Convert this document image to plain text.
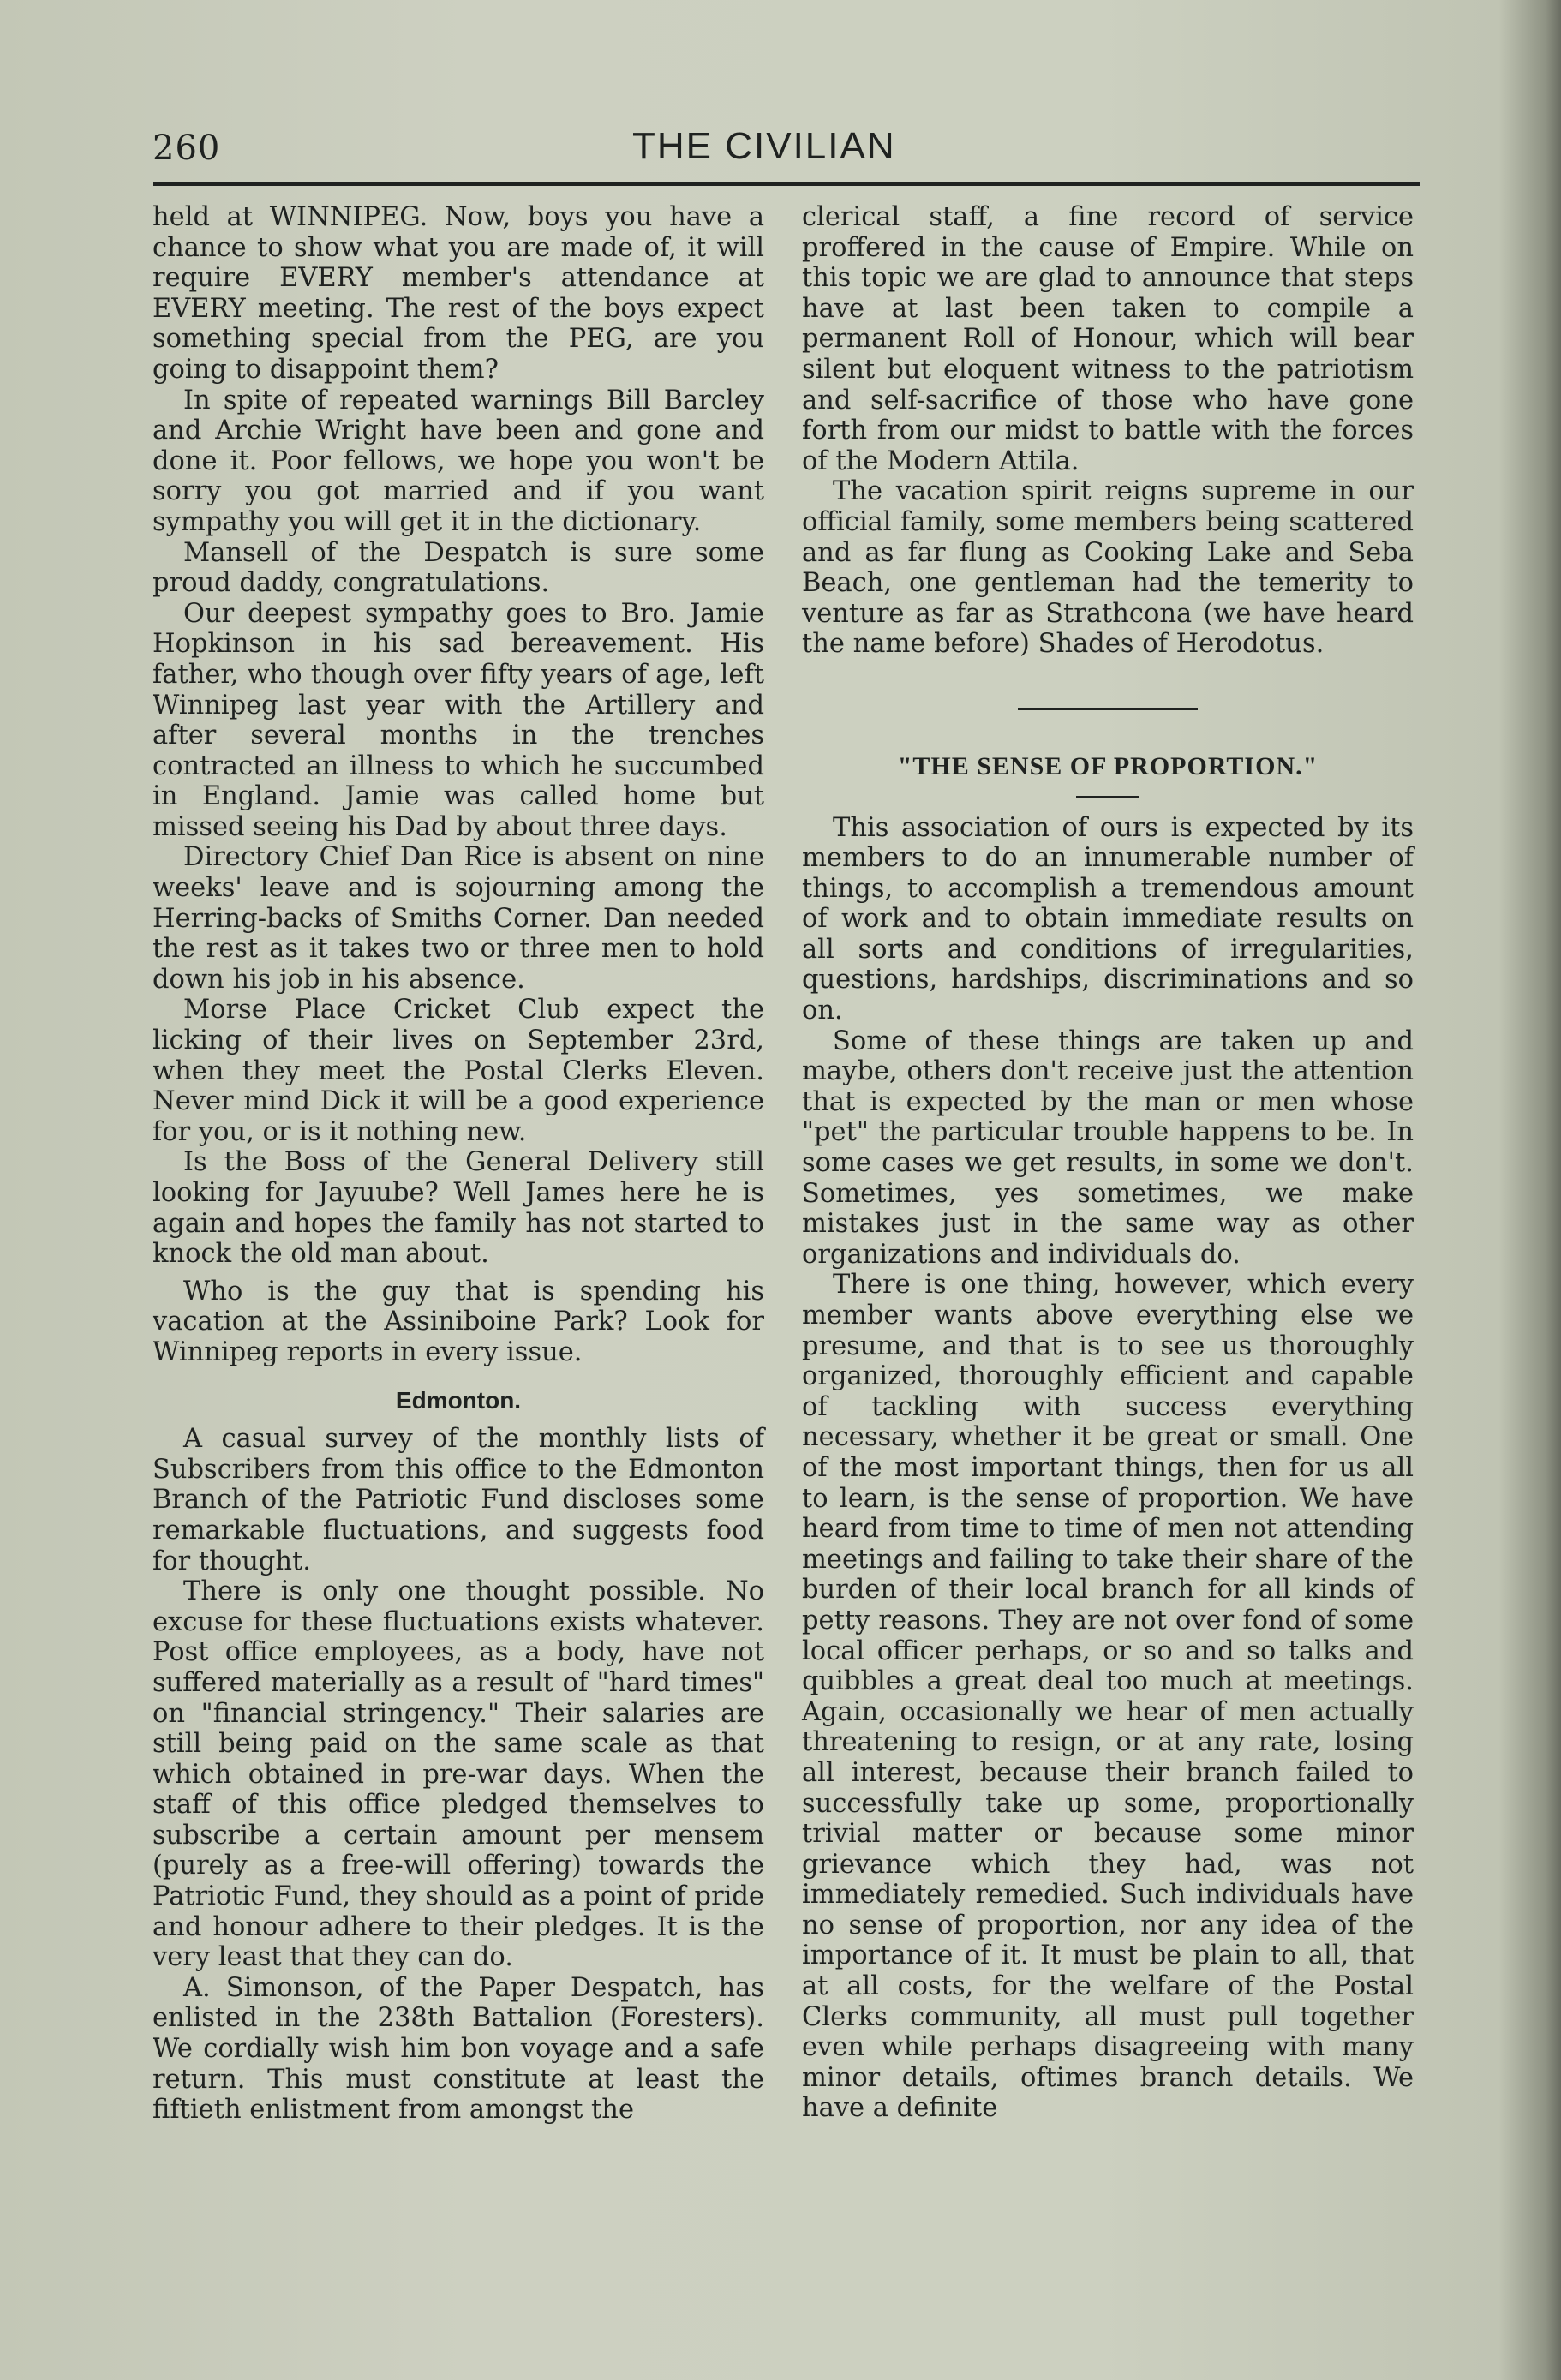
260	THE CIVILIAN

held at WINNIPEG. Now, boys you have a chance to show what you are made of, it will require EVERY member's attendance at EVERY meeting. The rest of the boys expect something special from the PEG, are you going to disappoint them?

In spite of repeated warnings Bill Barcley and Archie Wright have been and gone and done it. Poor fellows, we hope you won't be sorry you got married and if you want sympathy you will get it in the dictionary.

Mansell of the Despatch is sure some proud daddy, congratulations.

Our deepest sympathy goes to Bro. Jamie Hopkinson in his sad bereavement. His father, who though over fifty years of age, left Winnipeg last year with the Artillery and after several months in the trenches contracted an illness to which he succumbed in England. Jamie was called home but missed seeing his Dad by about three days.

Directory Chief Dan Rice is absent on nine weeks' leave and is sojourning among the Herring-backs of Smiths Corner. Dan needed the rest as it takes two or three men to hold down his job in his absence.

Morse Place Cricket Club expect the licking of their lives on September 23rd, when they meet the Postal Clerks Eleven. Never mind Dick it will be a good experience for you, or is it nothing new.

Is the Boss of the General Delivery still looking for Jayuube? Well James here he is again and hopes the family has not started to knock the old man about.

Who is the guy that is spending his vacation at the Assiniboine Park? Look for Winnipeg reports in every issue.

Edmonton.

A casual survey of the monthly lists of Subscribers from this office to the Edmonton Branch of the Patriotic Fund discloses some remarkable fluctuations, and suggests food for thought.

There is only one thought possible. No excuse for these fluctuations exists whatever. Post office employees, as a body, have not suffered materially as a result of "hard times" on "financial stringency." Their salaries are still being paid on the same scale as that which obtained in pre-war days. When the staff of this office pledged themselves to subscribe a certain amount per mensem (purely as a free-will offering) towards the Patriotic Fund, they should as a point of pride and honour adhere to their pledges. It is the very least that they can do.

A. Simonson, of the Paper Despatch, has enlisted in the 238th Battalion (Foresters). We cordially wish him bon voyage and a safe return. This must constitute at least the fiftieth enlistment from amongst the

clerical staff, a fine record of service proffered in the cause of Empire. While on this topic we are glad to announce that steps have at last been taken to compile a permanent Roll of Honour, which will bear silent but eloquent witness to the patriotism and self-sacrifice of those who have gone forth from our midst to battle with the forces of the Modern Attila.

The vacation spirit reigns supreme in our official family, some members being scattered and as far flung as Cooking Lake and Seba Beach, one gentleman had the temerity to venture as far as Strathcona (we have heard the name before) Shades of Herodotus.

"THE SENSE OF PROPORTION."

This association of ours is expected by its members to do an innumerable number of things, to accomplish a tremendous amount of work and to obtain immediate results on all sorts and conditions of irregularities, questions, hardships, discriminations and so on.

Some of these things are taken up and maybe, others don't receive just the attention that is expected by the man or men whose "pet" the particular trouble happens to be. In some cases we get results, in some we don't. Sometimes, yes sometimes, we make mistakes just in the same way as other organizations and individuals do.

There is one thing, however, which every member wants above everything else we presume, and that is to see us thoroughly organized, thoroughly efficient and capable of tackling with success everything necessary, whether it be great or small. One of the most important things, then for us all to learn, is the sense of proportion. We have heard from time to time of men not attending meetings and failing to take their share of the burden of their local branch for all kinds of petty reasons. They are not over fond of some local officer perhaps, or so and so talks and quibbles a great deal too much at meetings. Again, occasionally we hear of men actually threatening to resign, or at any rate, losing all interest, because their branch failed to successfully take up some, proportionally trivial matter or because some minor grievance which they had, was not immediately remedied. Such individuals have no sense of proportion, nor any idea of the importance of it. It must be plain to all, that at all costs, for the welfare of the Postal Clerks community, all must pull together even while perhaps disagreeing with many minor details, oftimes branch details. We have a definite
